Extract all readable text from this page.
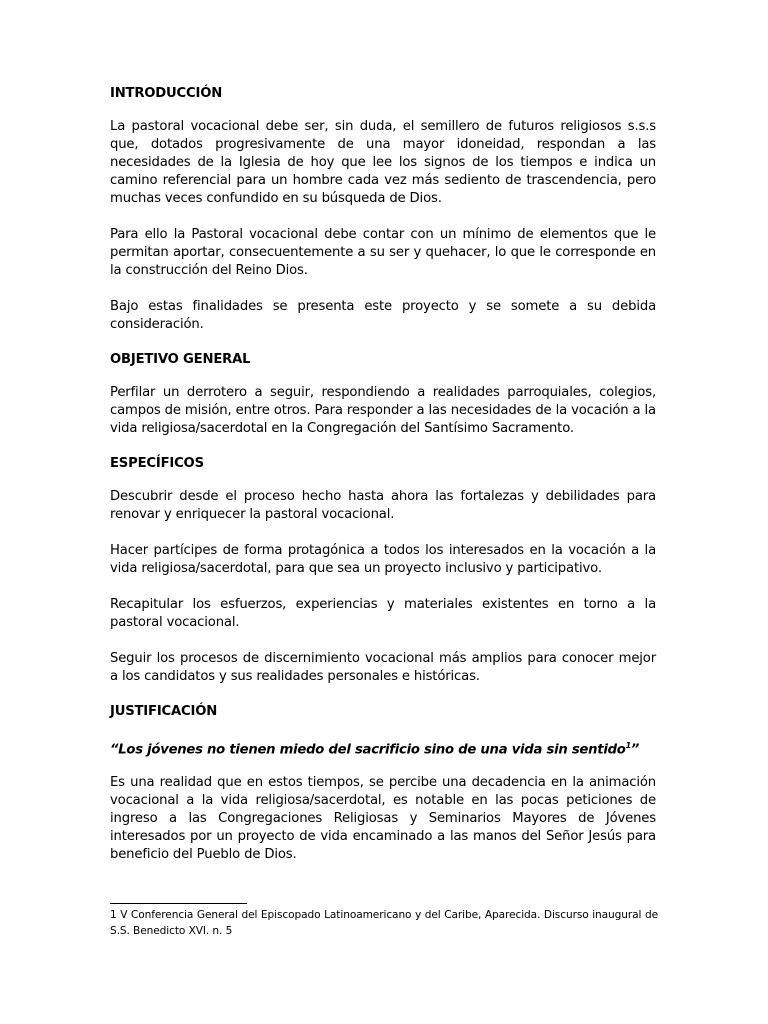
INTRODUCCIÓN

La pastoral vocacional debe ser, sin duda, el semillero de futuros religiosos s.s.s que, dotados progresivamente de una mayor idoneidad, respondan a las necesidades de la Iglesia de hoy que lee los signos de los tiempos e indica un camino referencial para un hombre cada vez más sediento de trascendencia, pero muchas veces confundido en su búsqueda de Dios.

Para ello la Pastoral vocacional debe contar con un mínimo de elementos que le permitan aportar, consecuentemente a su ser y quehacer, lo que le corresponde en la construcción del Reino Dios.

Bajo estas finalidades se presenta este proyecto y se somete a su debida consideración.

OBJETIVO GENERAL

Perfilar un derrotero a seguir, respondiendo a realidades parroquiales, colegios, campos de misión, entre otros. Para responder a las necesidades de la vocación a la vida religiosa/sacerdotal en la Congregación del Santísimo Sacramento.

ESPECÍFICOS

Descubrir desde el proceso hecho hasta ahora las fortalezas y debilidades para renovar y enriquecer la pastoral vocacional.

Hacer partícipes de forma protagónica a todos los interesados en la vocación a la vida religiosa/sacerdotal, para que sea un proyecto inclusivo y participativo.

Recapitular los esfuerzos, experiencias y materiales existentes en torno a la pastoral vocacional.

Seguir los procesos de discernimiento vocacional más amplios para conocer mejor a los candidatos y sus realidades personales e históricas.

JUSTIFICACIÓN
“Los jóvenes no tienen miedo del sacrificio sino de una vida sin sentido$^1$”

Es una realidad que en estos tiempos, se percibe una decadencia en la animación vocacional a la vida religiosa/sacerdotal, es notable en las pocas peticiones de ingreso a las Congregaciones Religiosas y Seminarios Mayores de Jóvenes interesados por un proyecto de vida encaminado a las manos del Señor Jesús para beneficio del Pueblo de Dios.

1 V Conferencia General del Episcopado Latinoamericano y del Caribe, Aparecida. Discurso inaugural de S.S. Benedicto XVI. n. 5
